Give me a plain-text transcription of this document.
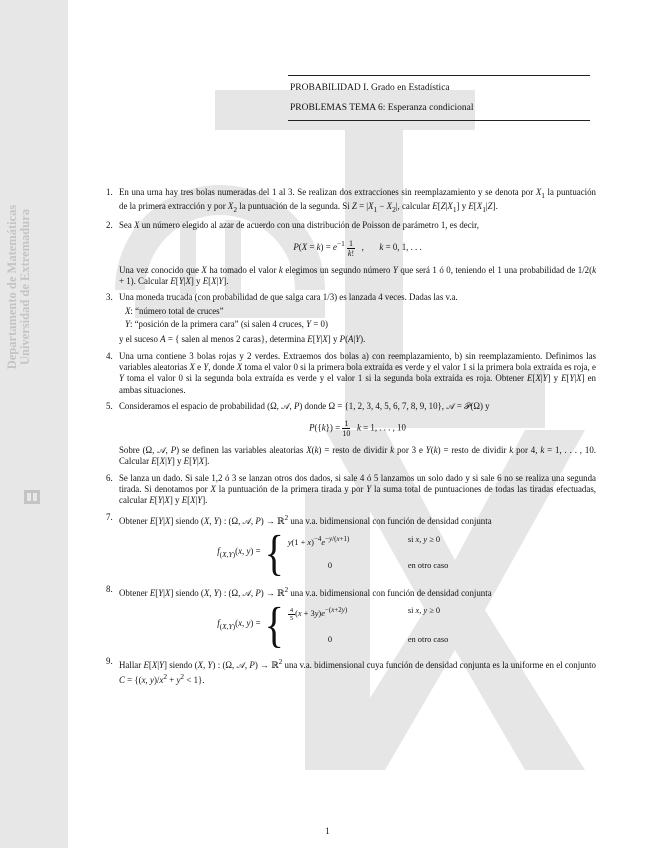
Departamento de Matemáticas Universidad de Extremadura
PROBABILIDAD I. Grado en Estadística
PROBLEMAS TEMA 6: Esperanza condicional
1. En una urna hay tres bolas numeradas del 1 al 3. Se realizan dos extracciones sin reemplazamiento y se denota por $X_1$ la puntuación de la primera extracción y por $X_2$ la puntuación de la segunda. Si $Z = |X_1 - X_2|$, calcular $E[Z|X_1]$ y $E[X_1|Z]$.
2. Sea X un número elegido al azar de acuerdo con una distribución de Poisson de parámetro 1, es decir,
$P(X = k) = e^{-1} \frac{1}{k!}$   ,       k = 0, 1, . . .
Una vez conocido que X ha tomado el valor k elegimos un segundo número Y que será 1 ó 0, teniendo el 1 una probabilidad de 1/2(k + 1). Calcular E[Y|X] y E[X|Y].
3. Una moneda trucada (con probabilidad de que salga cara 1/3) es lanzada 4 veces. Dadas las v.a.
X: “número total de cruces”
Y: “posición de la primera cara” (si salen 4 cruces, Y = 0)
y el suceso A = { salen al menos 2 caras}, determina E[Y|X] y P(A|Y).
4. Una urna contiene 3 bolas rojas y 2 verdes. Extraemos dos bolas a) con reemplazamiento, b) sin reemplazamiento. Definimos las variables aleatorias X e Y, donde X toma el valor 0 si la primera bola extraída es verde y el valor 1 si la primera bola extraída es roja, e Y toma el valor 0 si la segunda bola extraída es verde y el valor 1 si la segunda bola extraída es roja. Obtener E[X|Y] y E[Y|X] en ambas situaciones.
5. Consideramos el espacio de probabilidad (Ω, 𝒜, P) donde Ω = {1, 2, 3, 4, 5, 6, 7, 8, 9, 10}, 𝒜 = 𝒫(Ω) y
$P(\{k\}) = \frac{1}{10}$ k = 1, . . . , 10
Sobre (Ω, 𝒜, P) se definen las variables aleatorias X(k) = resto de dividir k por 3 e Y(k) = resto de dividir k por 4, k = 1, . . . , 10. Calcular E[X|Y] y E[Y|X].
6. Se lanza un dado. Si sale 1,2 ó 3 se lanzan otros dos dados, si sale 4 ó 5 lanzamos un solo dado y si sale 6 no se realiza una segunda tirada. Si denotamos por X la puntuación de la primera tirada y por Y la suma total de puntuaciones de todas las tiradas efectuadas, calcular E[Y|X] y E[X|Y].
7. Obtener E[Y|X] siendo (X, Y) : (Ω, 𝒜, P) → ℝ$^2$ una v.a. bidimensional con función de densidad conjunta
$f_{(X,Y)}(x$, y) = { $y(1 + x)^{-4}e^{-y/(x+1)}$	si x, y ≥ 0
0	en otro caso
8. Obtener E[Y|X] siendo (X, Y) : (Ω, 𝒜, P) → ℝ$^2$ una v.a. bidimensional con función de densidad conjunta
$f_{(X,Y)}(x$, y) = { $\frac{4}{5}(x + 3y)e^{-(x+2y)}$	si x, y ≥ 0
0	en otro caso
9. Hallar E[X|Y] siendo (X, Y) : (Ω, 𝒜, P) → ℝ$^2$ una v.a. bidimensional cuya función de densidad conjunta es la uniforme en el conjunto C = {(x, $y)/x^2 + y^2 < 1$}.
1
